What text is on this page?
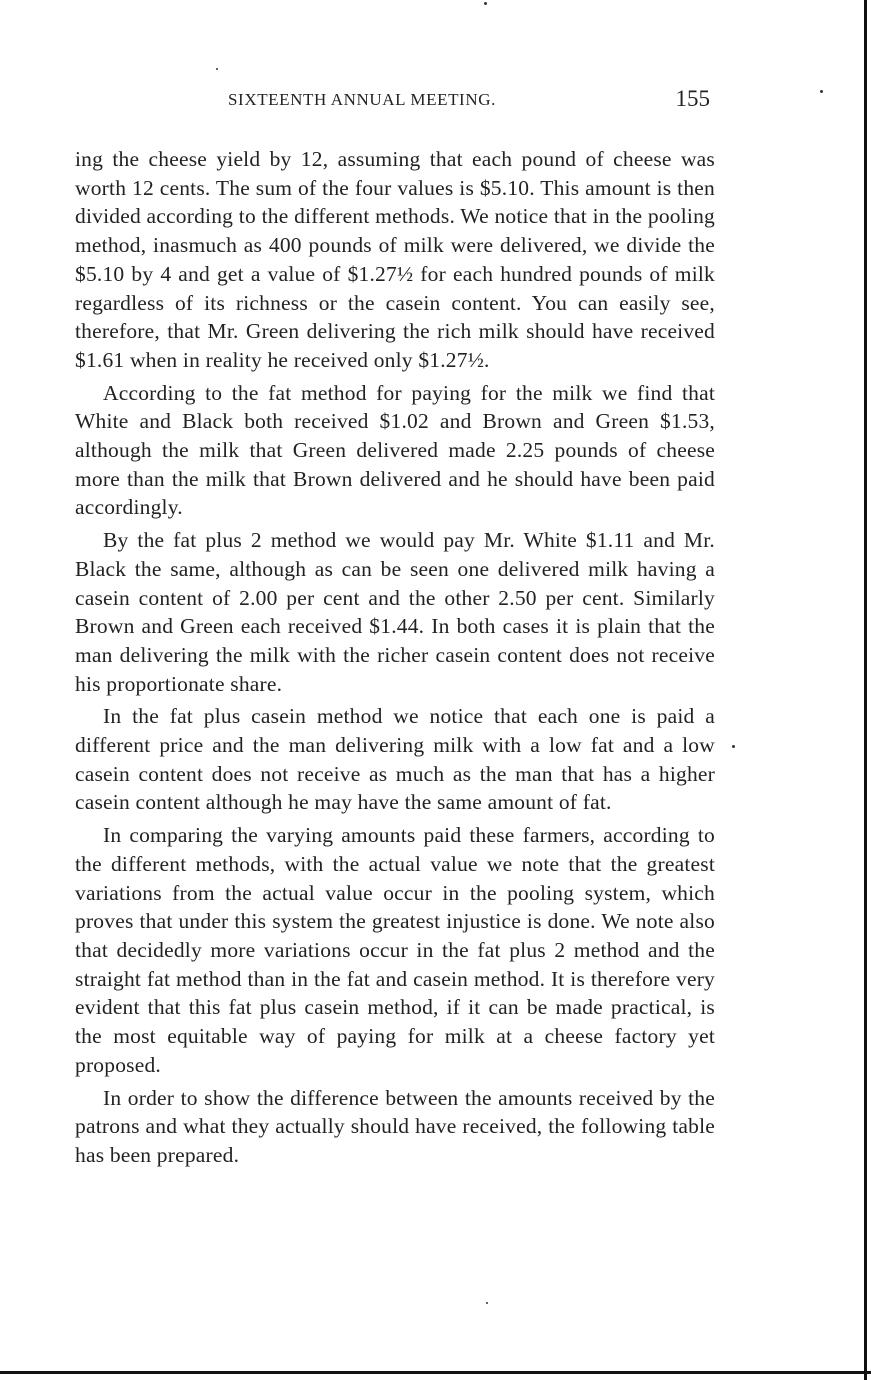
SIXTEENTH ANNUAL MEETING.	155

ing the cheese yield by 12, assuming that each pound of cheese was worth 12 cents. The sum of the four values is $5.10. This amount is then divided according to the different methods. We notice that in the pooling method, inasmuch as 400 pounds of milk were delivered, we divide the $5.10 by 4 and get a value of $1.27½ for each hundred pounds of milk regardless of its richness or the casein content. You can easily see, therefore, that Mr. Green delivering the rich milk should have received $1.61 when in reality he received only $1.27½.

According to the fat method for paying for the milk we find that White and Black both received $1.02 and Brown and Green $1.53, although the milk that Green delivered made 2.25 pounds of cheese more than the milk that Brown delivered and he should have been paid accordingly.

By the fat plus 2 method we would pay Mr. White $1.11 and Mr. Black the same, although as can be seen one delivered milk having a casein content of 2.00 per cent and the other 2.50 per cent. Similarly Brown and Green each received $1.44. In both cases it is plain that the man delivering the milk with the richer casein content does not receive his proportionate share.

In the fat plus casein method we notice that each one is paid a different price and the man delivering milk with a low fat and a low casein content does not receive as much as the man that has a higher casein content although he may have the same amount of fat.

In comparing the varying amounts paid these farmers, according to the different methods, with the actual value we note that the greatest variations from the actual value occur in the pooling system, which proves that under this system the greatest injustice is done. We note also that decidedly more variations occur in the fat plus 2 method and the straight fat method than in the fat and casein method. It is therefore very evident that this fat plus casein method, if it can be made practical, is the most equitable way of paying for milk at a cheese factory yet proposed.

In order to show the difference between the amounts received by the patrons and what they actually should have received, the following table has been prepared.
